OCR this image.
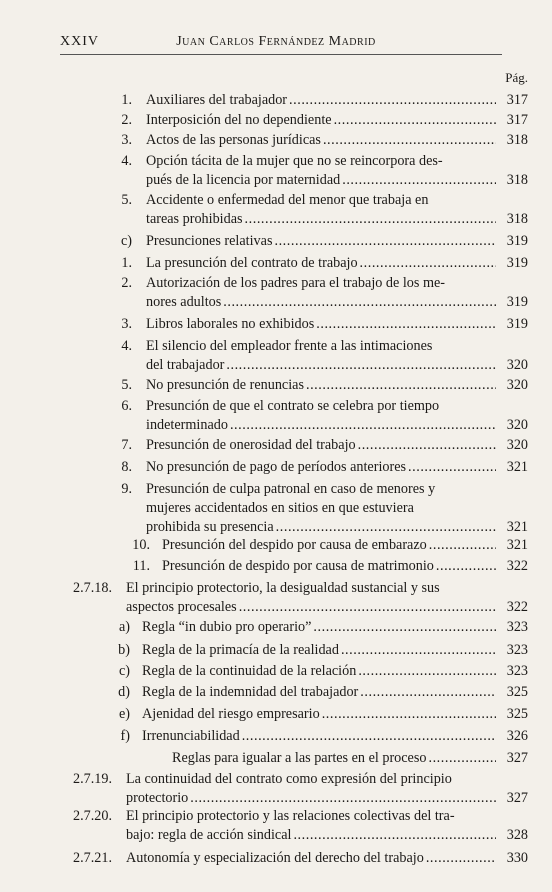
XXIV	Juan Carlos Fernández Madrid
Pág.
1. Auxiliares del trabajador . . .	317
2. Interposición del no dependiente . . .	317
3. Actos de las personas jurídicas . . .	318
4. Opción tácita de la mujer que no se reincorpora des-
pués de la licencia por maternidad . . .	318
5. Accidente o enfermedad del menor que trabaja en
tareas prohibidas . . .	318
c) Presunciones relativas . . .	319
1. La presunción del contrato de trabajo . . .	319
2. Autorización de los padres para el trabajo de los me-
nores adultos . . .	319
3. Libros laborales no exhibidos . . .	319
4. El silencio del empleador frente a las intimaciones
del trabajador . . .	320
5. No presunción de renuncias . . .	320
6. Presunción de que el contrato se celebra por tiempo
indeterminado . . .	320
7. Presunción de onerosidad del trabajo . . .	320
8. No presunción de pago de períodos anteriores . . .	321
9. Presunción de culpa patronal en caso de menores y
mujeres accidentados en sitios en que estuviera
prohibida su presencia . . .	321
10. Presunción del despido por causa de embarazo . . .	321
11. Presunción de despido por causa de matrimonio . . .	322
2.7.18. El principio protectorio, la desigualdad sustancial y sus
aspectos procesales . . .	322
a) Regla “in dubio pro operario” . . .	323
b) Regla de la primacía de la realidad . . .	323
c) Regla de la continuidad de la relación . . .	323
d) Regla de la indemnidad del trabajador . . .	325
e) Ajenidad del riesgo empresario . . .	325
f) Irrenunciabilidad . . .	326
Reglas para igualar a las partes en el proceso . . .	327
2.7.19. La continuidad del contrato como expresión del principio
protectorio . . .	327
2.7.20. El principio protectorio y las relaciones colectivas del tra-
bajo: regla de acción sindical . . .	328
2.7.21. Autonomía y especialización del derecho del trabajo . . .	330
